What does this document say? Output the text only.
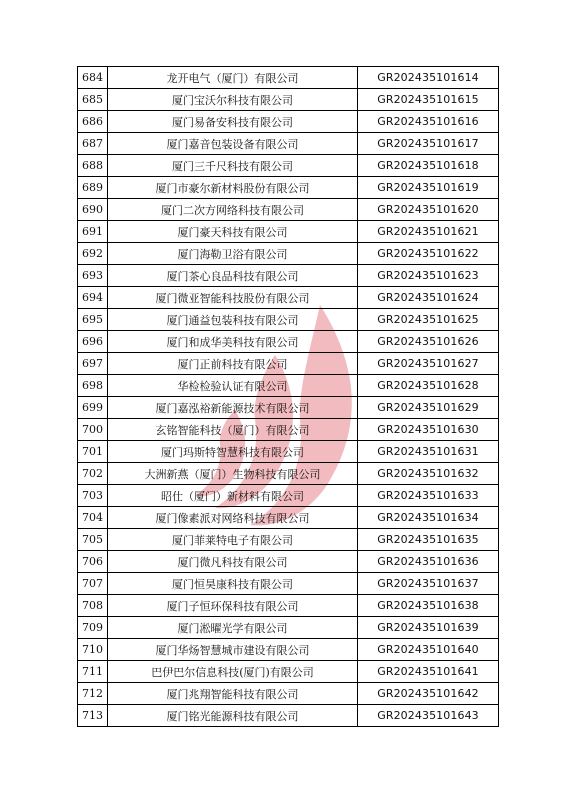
684	龙开电气（厦门）有限公司	GR202435101614
685	厦门宝沃尔科技有限公司	GR202435101615
686	厦门易备安科技有限公司	GR202435101616
687	厦门嘉音包装设备有限公司	GR202435101617
688	厦门三千尺科技有限公司	GR202435101618
689	厦门市豪尔新材料股份有限公司	GR202435101619
690	厦门二次方网络科技有限公司	GR202435101620
691	厦门豪天科技有限公司	GR202435101621
692	厦门海勒卫浴有限公司	GR202435101622
693	厦门茶心良品科技有限公司	GR202435101623
694	厦门微亚智能科技股份有限公司	GR202435101624
695	厦门通益包装科技有限公司	GR202435101625
696	厦门和成华美科技有限公司	GR202435101626
697	厦门正前科技有限公司	GR202435101627
698	华检检验认证有限公司	GR202435101628
699	厦门嘉泓裕新能源技术有限公司	GR202435101629
700	玄铭智能科技（厦门）有限公司	GR202435101630
701	厦门玛斯特智慧科技有限公司	GR202435101631
702	大洲新燕（厦门）生物科技有限公司	GR202435101632
703	昭仕（厦门）新材料有限公司	GR202435101633
704	厦门像素派对网络科技有限公司	GR202435101634
705	厦门菲莱特电子有限公司	GR202435101635
706	厦门微凡科技有限公司	GR202435101636
707	厦门恒昊康科技有限公司	GR202435101637
708	厦门子恒环保科技有限公司	GR202435101638
709	厦门淞曜光学有限公司	GR202435101639
710	厦门华炀智慧城市建设有限公司	GR202435101640
711	巴伊巴尔信息科技(厦门)有限公司	GR202435101641
712	厦门兆翔智能科技有限公司	GR202435101642
713	厦门铭光能源科技有限公司	GR202435101643
